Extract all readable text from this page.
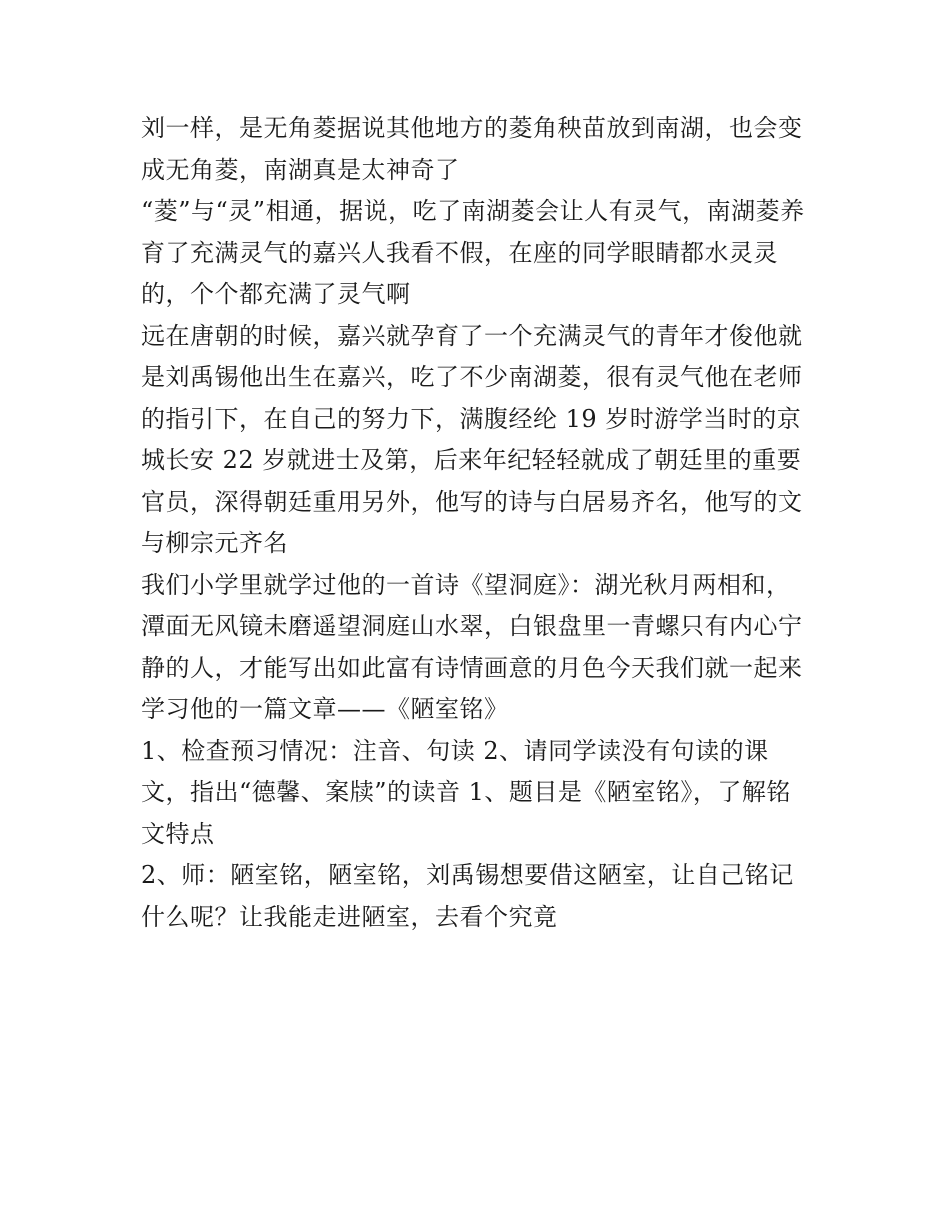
刘一样，是无角菱据说其他地方的菱角秧苗放到南湖，也会变

成无角菱，南湖真是太神奇了

“菱”与“灵”相通，据说，吃了南湖菱会让人有灵气，南湖菱养

育了充满灵气的嘉兴人我看不假，在座的同学眼睛都水灵灵

的，个个都充满了灵气啊

远在唐朝的时候，嘉兴就孕育了一个充满灵气的青年才俊他就

是刘禹锡他出生在嘉兴，吃了不少南湖菱，很有灵气他在老师

的指引下，在自己的努力下，满腹经纶 19 岁时游学当时的京

城长安 22 岁就进士及第，后来年纪轻轻就成了朝廷里的重要

官员，深得朝廷重用另外，他写的诗与白居易齐名，他写的文

与柳宗元齐名

我们小学里就学过他的一首诗《望洞庭》：湖光秋月两相和，

潭面无风镜未磨遥望洞庭山水翠，白银盘里一青螺只有内心宁

静的人，才能写出如此富有诗情画意的月色今天我们就一起来

学习他的一篇文章——《陋室铭》

1、检查预习情况：注音、句读 2、请同学读没有句读的课

文，指出“德馨、案牍”的读音 1、题目是《陋室铭》，了解铭

文特点

2、师：陋室铭，陋室铭，刘禹锡想要借这陋室，让自己铭记

什么呢？让我能走进陋室，去看个究竟
